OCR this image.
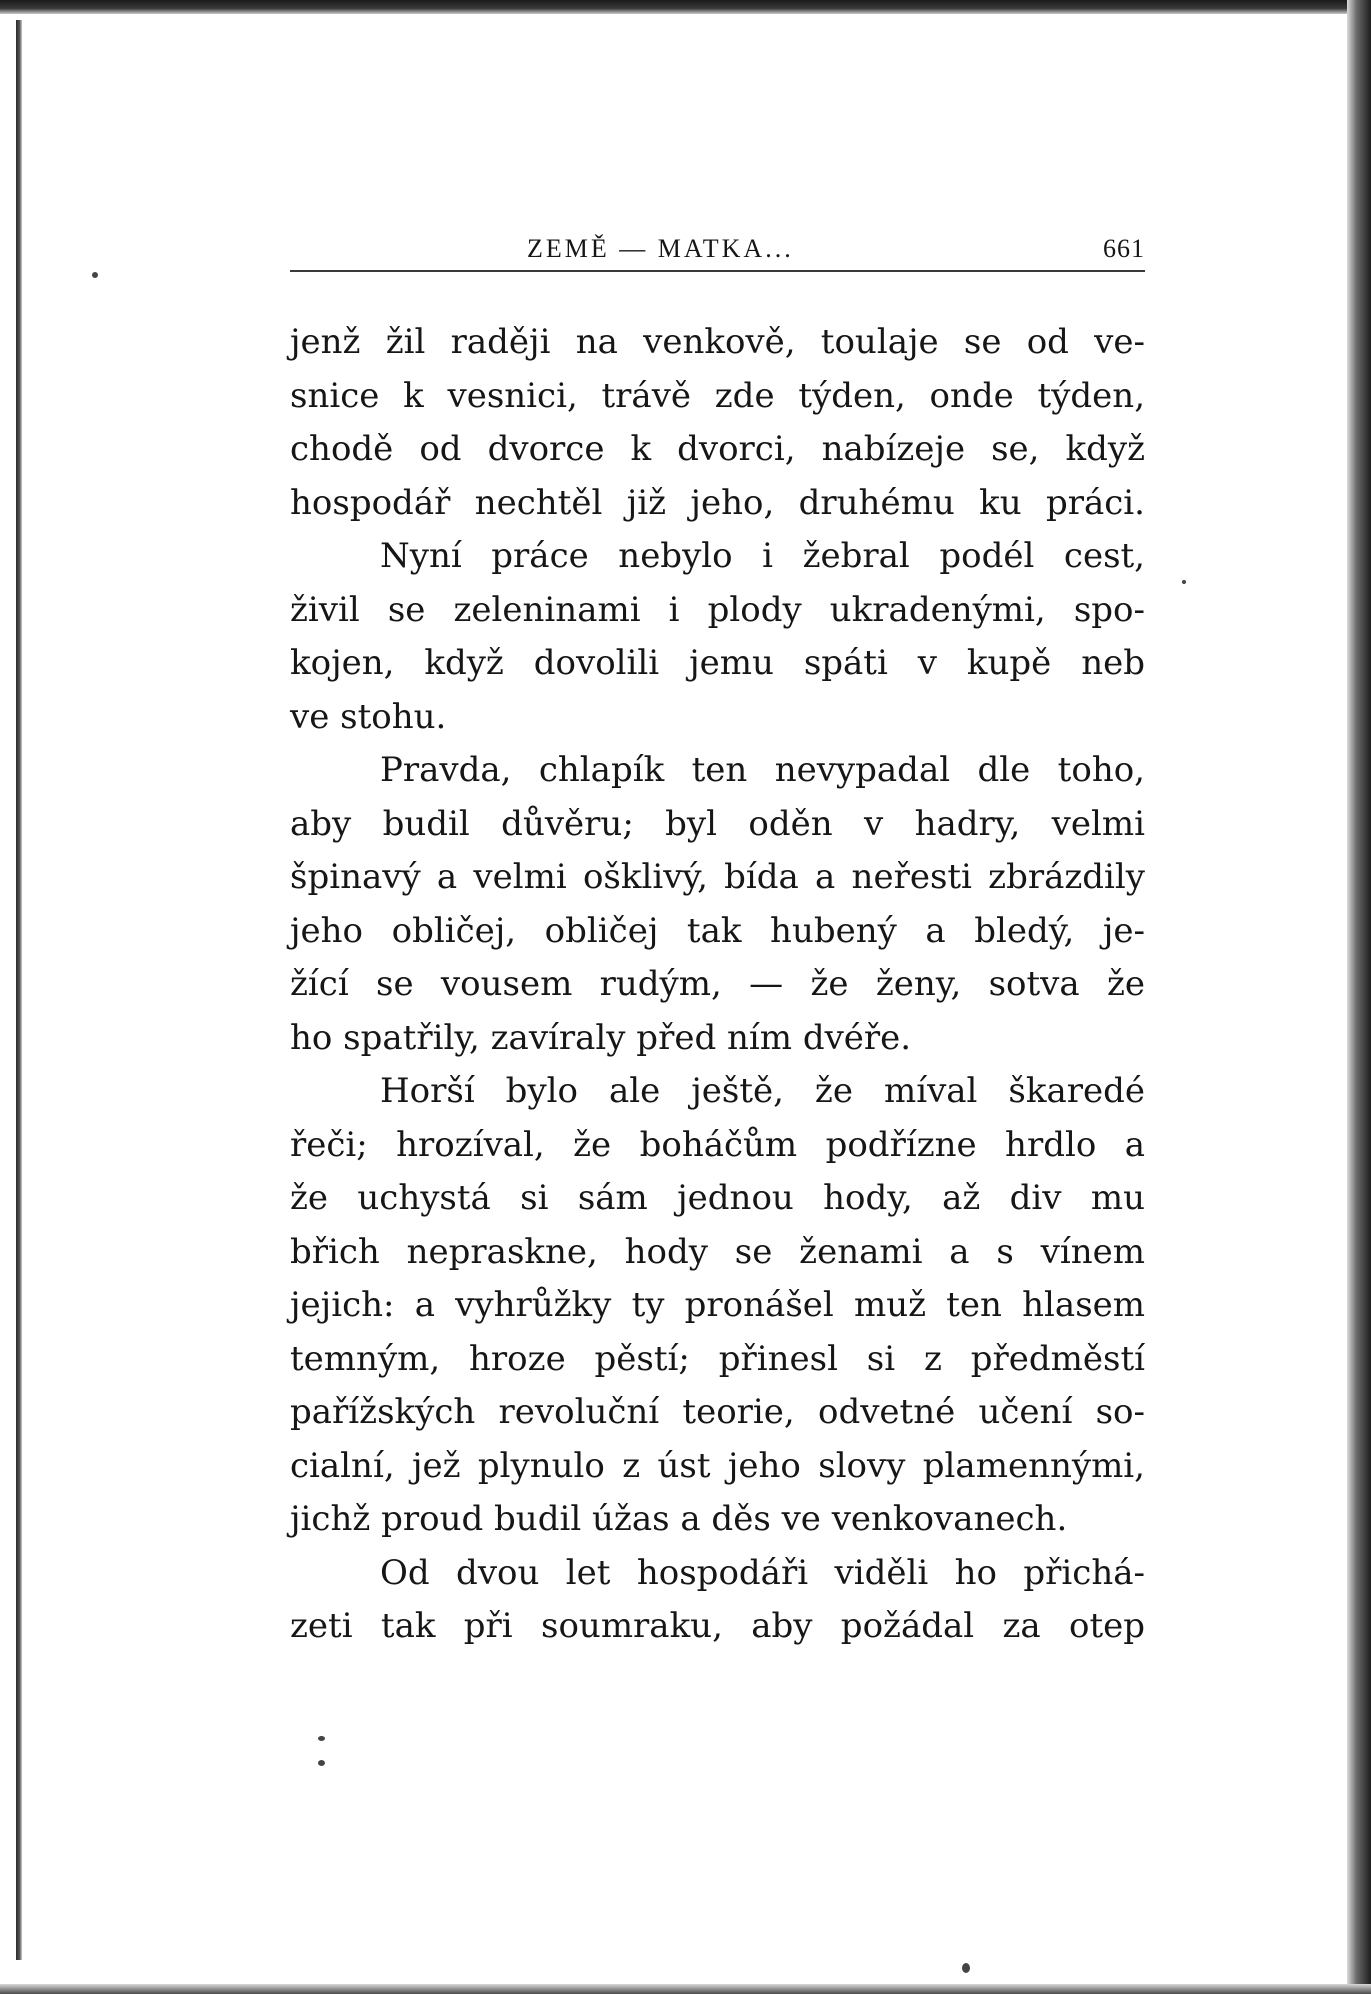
ZEMĚ — MATKA...	661
jenž žil raději na venkově, toulaje se od ve-
snice k vesnici, trávě zde týden, onde týden,
chodě od dvorce k dvorci, nabízeje se, když
hospodář nechtěl již jeho, druhému ku práci.
Nyní práce nebylo i žebral podél cest,
živil se zeleninami i plody ukradenými, spo-
kojen, když dovolili jemu spáti v kupě neb
ve stohu.
Pravda, chlapík ten nevypadal dle toho,
aby budil důvěru; byl oděn v hadry, velmi
špinavý a velmi ošklivý, bída a neřesti zbrázdily
jeho obličej, obličej tak hubený a bledý, je-
žící se vousem rudým, — že ženy, sotva že
ho spatřily, zavíraly před ním dvéře.
Horší bylo ale ještě, že míval škaredé
řeči; hrozíval, že boháčům podřízne hrdlo a
že uchystá si sám jednou hody, až div mu
břich nepraskne, hody se ženami a s vínem
jejich: a vyhrůžky ty pronášel muž ten hlasem
temným, hroze pěstí; přinesl si z předměstí
pařížských revoluční teorie, odvetné učení so-
cialní, jež plynulo z úst jeho slovy plamennými,
jichž proud budil úžas a děs ve venkovanech.
Od dvou let hospodáři viděli ho přichá-
zeti tak při soumraku, aby požádal za otep
